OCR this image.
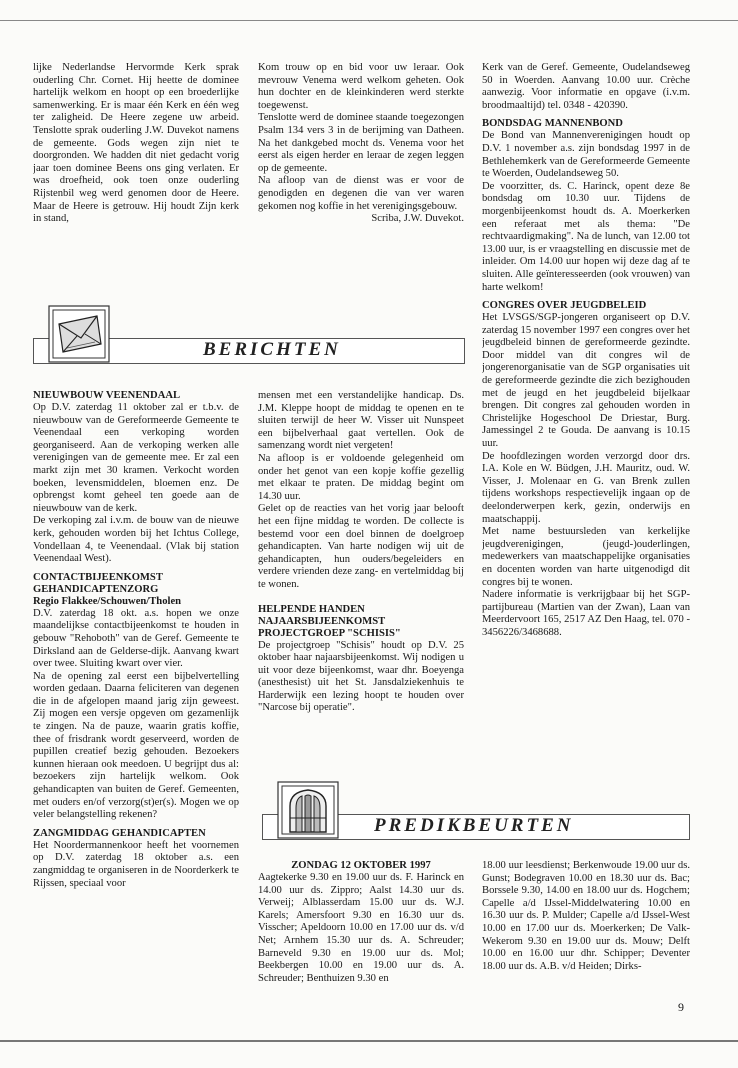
lijke Nederlandse Hervormde Kerk sprak ouderling Chr. Cornet. Hij heette de dominee hartelijk welkom en hoopt op een broederlijke samenwerking. Er is maar één Kerk en één weg ter zaligheid. De Heere zegene uw arbeid. Tenslotte sprak ouderling J.W. Duvekot namens de gemeente. Gods wegen zijn niet te doorgronden. We hadden dit niet gedacht vorig jaar toen dominee Beens ons ging verlaten. Er was droefheid, ook toen onze ouderling Rijstenbil weg werd genomen door de Heere. Maar de Heere is getrouw. Hij houdt Zijn kerk in stand,

Kom trouw op en bid voor uw leraar. Ook mevrouw Venema werd welkom geheten. Ook hun dochter en de kleinkinderen werd sterkte toegewenst.

Tenslotte werd de dominee staande toegezongen Psalm 134 vers 3 in de berijming van Datheen. Na het dankgebed mocht ds. Venema voor het eerst als eigen herder en leraar de zegen leggen op de gemeente.

Na afloop van de dienst was er voor de genodigden en degenen die van ver waren gekomen nog koffie in het verenigingsgebouw.

Scriba, J.W. Duvekot.

Kerk van de Geref. Gemeente, Oudelandseweg 50 in Woerden. Aanvang 10.00 uur. Crèche aanwezig. Voor informatie en opgave (i.v.m. broodmaaltijd) tel. 0348 - 420390.

BONDSDAG MANNENBOND

De Bond van Mannenverenigingen houdt op D.V. 1 november a.s. zijn bondsdag 1997 in de Bethlehemkerk van de Gereformeerde Gemeente te Woerden, Oudelandseweg 50.

De voorzitter, ds. C. Harinck, opent deze 8e bondsdag om 10.30 uur. Tijdens de morgenbijeenkomst houdt ds. A. Moerkerken een referaat met als thema: "De rechtvaardigmaking". Na de lunch, van 12.00 tot 13.00 uur, is er vraagstelling en discussie met de inleider. Om 14.00 uur hopen wij deze dag af te sluiten. Alle geïnteresseerden (ook vrouwen) van harte welkom!

CONGRES OVER JEUGDBELEID

Het LVSGS/SGP-jongeren organiseert op D.V. zaterdag 15 november 1997 een congres over het jeugdbeleid binnen de gereformeerde gezindte. Door middel van dit congres wil de jongerenorganisatie van de SGP organisaties uit de gereformeerde gezindte die zich bezighouden met de jeugd en het jeugdbeleid bijelkaar brengen. Dit congres zal gehouden worden in Christelijke Hogeschool De Driestar, Burg. Jamessingel 2 te Gouda. De aanvang is 10.15 uur.

De hoofdlezingen worden verzorgd door drs. I.A. Kole en W. Büdgen, J.H. Mauritz, oud. W. Visser, J. Molenaar en G. van Brenk zullen tijdens workshops respectievelijk ingaan op de deelonderwerpen kerk, gezin, onderwijs en maatschappij.

Met name bestuursleden van kerkelijke jeugdverenigingen, (jeugd-)ouderlingen, medewerkers van maatschappelijke organisaties en docenten worden van harte uitgenodigd dit congres bij te wonen.

Nadere informatie is verkrijgbaar bij het SGP-partijbureau (Martien van der Zwan), Laan van Meerdervoort 165, 2517 AZ Den Haag, tel. 070 - 3456226/3468688.

BERICHTEN
NIEUWBOUW VEENENDAAL

Op D.V. zaterdag 11 oktober zal er t.b.v. de nieuwbouw van de Gereformeerde Gemeente te Veenendaal een verkoping worden georganiseerd. Aan de verkoping werken alle verenigingen van de gemeente mee. Er zal een markt zijn met 30 kramen. Verkocht worden boeken, levensmiddelen, bloemen enz. De opbrengst komt geheel ten goede aan de nieuwbouw van de kerk.

De verkoping zal i.v.m. de bouw van de nieuwe kerk, gehouden worden bij het Ichtus College, Vondellaan 4, te Veenendaal. (Vlak bij station Veenendaal West).

CONTACTBIJEENKOMST GEHANDICAPTENZORG
Regio Flakkee/Schouwen/Tholen

D.V. zaterdag 18 okt. a.s. hopen we onze maandelijkse contactbijeenkomst te houden in gebouw "Rehoboth" van de Geref. Gemeente te Dirksland aan de Gelderse-dijk. Aanvang kwart over twee. Sluiting kwart over vier.

Na de opening zal eerst een bijbelvertelling worden gedaan. Daarna feliciteren van degenen die in de afgelopen maand jarig zijn geweest. Zij mogen een versje opgeven om gezamenlijk te zingen. Na de pauze, waarin gratis koffie, thee of frisdrank wordt geserveerd, worden de pupillen creatief bezig gehouden. Bezoekers kunnen hieraan ook meedoen. U begrijpt dus al: bezoekers zijn hartelijk welkom. Ook gehandicapten van buiten de Geref. Gemeenten, met ouders en/of verzorg(st)er(s). Mogen we op veler belangstelling rekenen?

ZANGMIDDAG GEHANDICAPTEN

Het Noordermannenkoor heeft het voornemen op D.V. zaterdag 18 oktober a.s. een zangmiddag te organiseren in de Noorderkerk te Rijssen, speciaal voor

mensen met een verstandelijke handicap. Ds. J.M. Kleppe hoopt de middag te openen en te sluiten terwijl de heer W. Visser uit Nunspeet een bijbelverhaal gaat vertellen. Ook de samenzang wordt niet vergeten!

Na afloop is er voldoende gelegenheid om onder het genot van een kopje koffie gezellig met elkaar te praten. De middag begint om 14.30 uur.

Gelet op de reacties van het vorig jaar belooft het een fijne middag te worden. De collecte is bestemd voor een doel binnen de doelgroep gehandicapten. Van harte nodigen wij uit de gehandicapten, hun ouders/begeleiders en verdere vrienden deze zang- en vertelmiddag bij te wonen.

HELPENDE HANDEN NAJAARSBIJEENKOMST PROJECTGROEP "SCHISIS"

De projectgroep "Schisis" houdt op D.V. 25 oktober haar najaarsbijeenkomst. Wij nodigen u uit voor deze bijeenkomst, waar dhr. Boeyenga (anesthesist) uit het St. Jansdalziekenhuis te Harderwijk een lezing hoopt te houden over "Narcose bij operatie".

PREDIKBEURTEN
ZONDAG 12 OKTOBER 1997

Aagtekerke 9.30 en 19.00 uur ds. F. Harinck en 14.00 uur ds. Zippro; Aalst 14.30 uur ds. Verweij; Alblasserdam 15.00 uur ds. W.J. Karels; Amersfoort 9.30 en 16.30 uur ds. Visscher; Apeldoorn 10.00 en 17.00 uur ds. v/d Net; Arnhem 15.30 uur ds. A. Schreuder; Barneveld 9.30 en 19.00 uur ds. Mol; Beekbergen 10.00 en 19.00 uur ds. A. Schreuder; Benthuizen 9.30 en

18.00 uur leesdienst; Berkenwoude 19.00 uur ds. Gunst; Bodegraven 10.00 en 18.30 uur ds. Bac; Borssele 9.30, 14.00 en 18.00 uur ds. Hogchem; Capelle a/d IJssel-Middelwatering 10.00 en 16.30 uur ds. P. Mulder; Capelle a/d IJssel-West 10.00 en 17.00 uur ds. Moerkerken; De Valk-Wekerom 9.30 en 19.00 uur ds. Mouw; Delft 10.00 en 16.00 uur dhr. Schipper; Deventer 18.00 uur ds. A.B. v/d Heiden; Dirks-

9
